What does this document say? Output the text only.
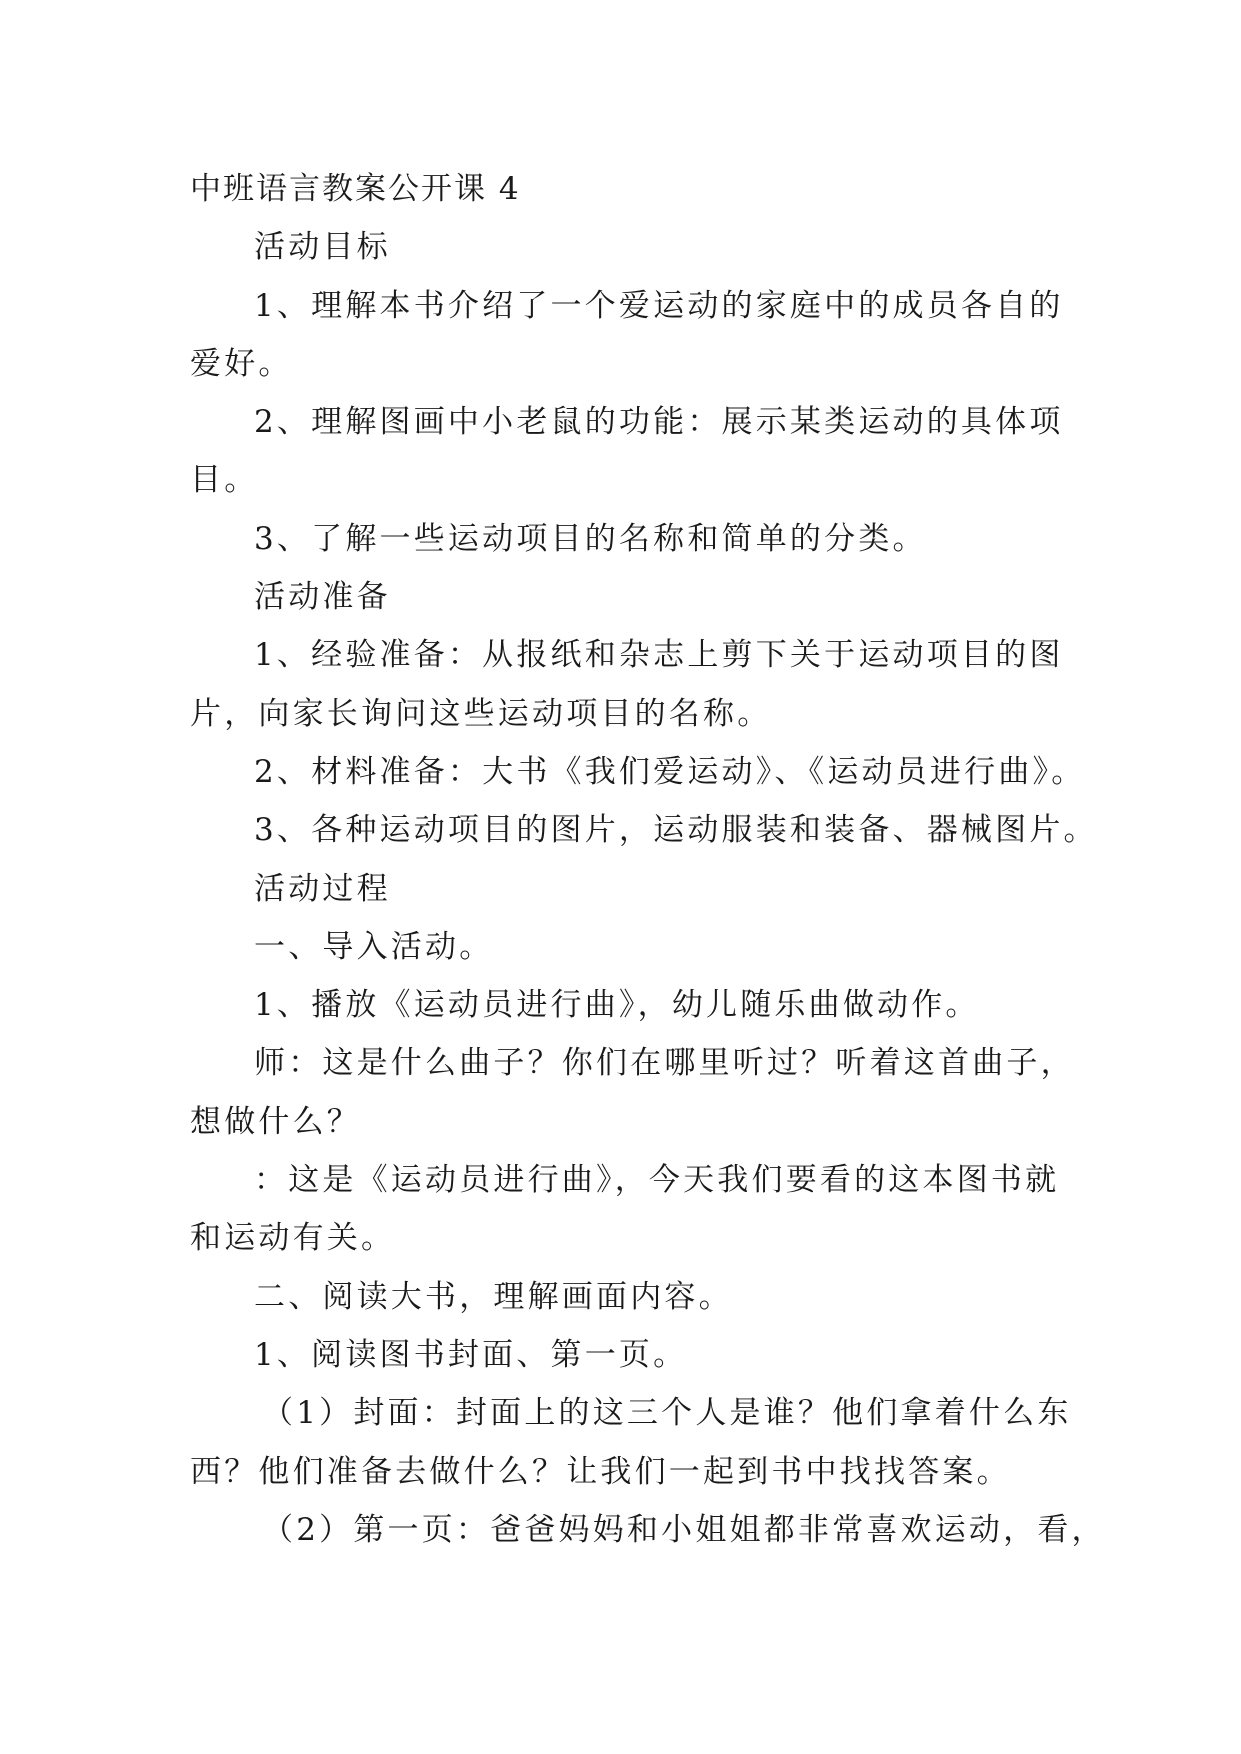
中班语言教案公开课 4
活动目标
1、理解本书介绍了一个爱运动的家庭中的成员各自的
爱好。
2、理解图画中小老鼠的功能：展示某类运动的具体项
目。
3、了解一些运动项目的名称和简单的分类。
活动准备
1、经验准备：从报纸和杂志上剪下关于运动项目的图
片，向家长询问这些运动项目的名称。
2、材料准备：大书《我们爱运动》、《运动员进行曲》。
3、各种运动项目的图片，运动服装和装备、器械图片。
活动过程
一、导入活动。
1、播放《运动员进行曲》，幼儿随乐曲做动作。
师：这是什么曲子？你们在哪里听过？听着这首曲子，
想做什么？
：这是《运动员进行曲》，今天我们要看的这本图书就
和运动有关。
二、阅读大书，理解画面内容。
1、阅读图书封面、第一页。
（1）封面：封面上的这三个人是谁？他们拿着什么东
西？他们准备去做什么？让我们一起到书中找找答案。
（2）第一页：爸爸妈妈和小姐姐都非常喜欢运动，看，
